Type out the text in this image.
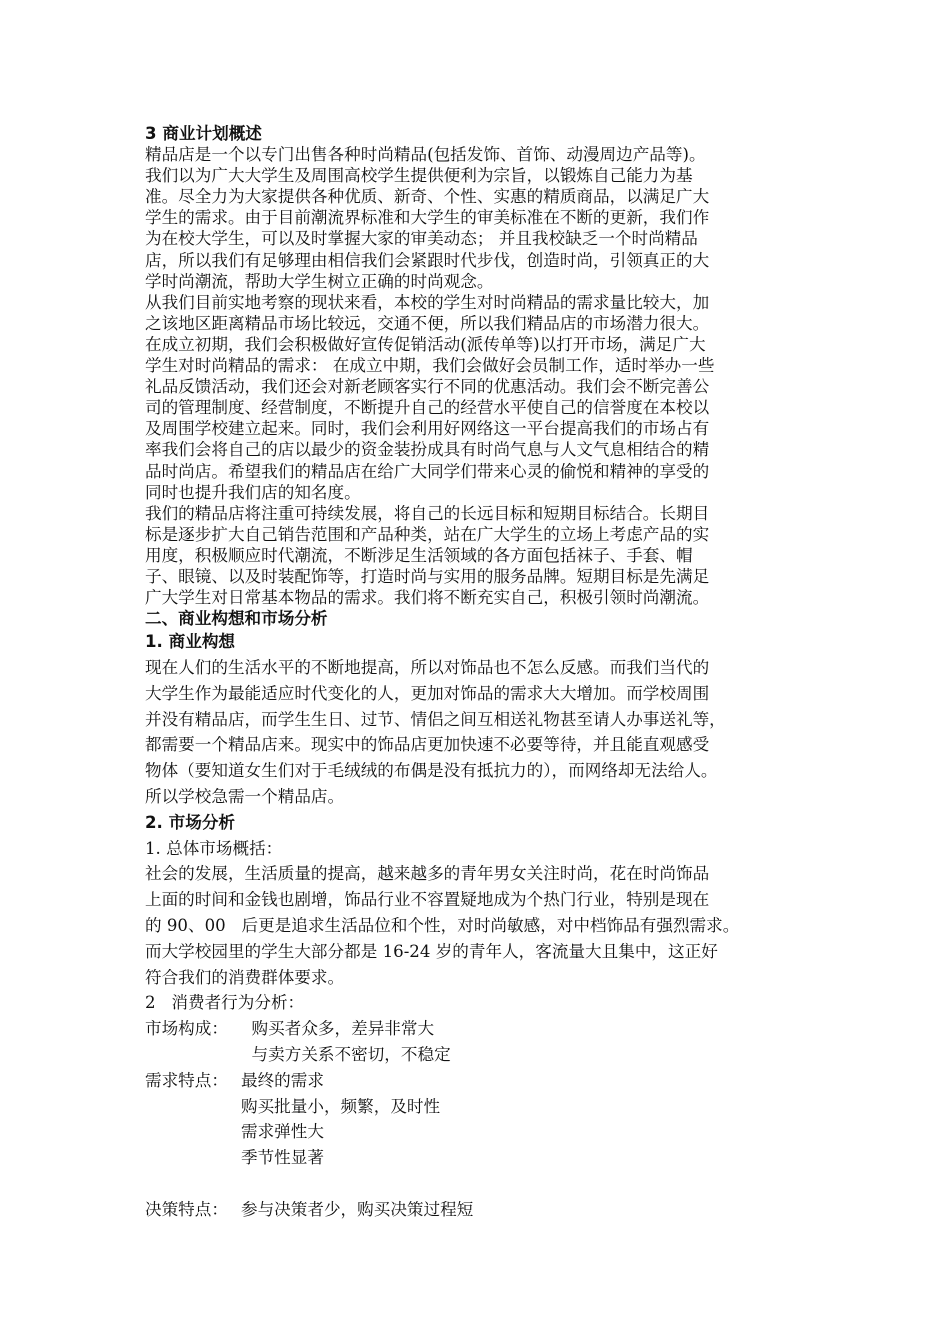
3 商业计划概述

精品店是一个以专门出售各种时尚精品(包括发饰、首饰、动漫周边产品等)。

我们以为广大大学生及周围高校学生提供便利为宗旨，以锻炼自己能力为基

准。尽全力为大家提供各种优质、新奇、个性、实惠的精质商品，以满足广大

学生的需求。由于目前潮流界标准和大学生的审美标准在不断的更新，我们作

为在校大学生，可以及时掌握大家的审美动态； 并且我校缺乏一个时尚精品

店，所以我们有足够理由相信我们会紧跟时代步伐，创造时尚，引领真正的大

学时尚潮流，帮助大学生树立正确的时尚观念。

从我们目前实地考察的现状来看，本校的学生对时尚精品的需求量比较大，加

之该地区距离精品市场比较远，交通不便，所以我们精品店的市场潜力很大。

在成立初期，我们会积极做好宣传促销活动(派传单等)以打开市场，满足广大

学生对时尚精品的需求： 在成立中期，我们会做好会员制工作，适时举办一些

礼品反馈活动，我们还会对新老顾客实行不同的优惠活动。我们会不断完善公

司的管理制度、经营制度，不断提升自己的经营水平使自己的信誉度在本校以

及周围学校建立起来。同时，我们会利用好网络这一平台提高我们的市场占有

率我们会将自己的店以最少的资金装扮成具有时尚气息与人文气息相结合的精

品时尚店。希望我们的精品店在给广大同学们带来心灵的偷悦和精神的享受的

同时也提升我们店的知名度。

我们的精品店将注重可持续发展，将自己的长远目标和短期目标结合。长期目

标是逐步扩大自己销告范围和产品种类，站在广大学生的立场上考虑产品的实

用度，积极顺应时代潮流，不断涉足生活领域的各方面包括袜子、手套、帽

子、眼镜、以及时装配饰等，打造时尚与实用的服务品牌。短期目标是先满足

广大学生对日常基本物品的需求。我们将不断充实自己，积极引领时尚潮流。

二、商业构想和市场分析

1. 商业构想

现在人们的生活水平的不断地提高，所以对饰品也不怎么反感。而我们当代的

大学生作为最能适应时代变化的人，更加对饰品的需求大大增加。而学校周围

并没有精品店，而学生生日、过节、情侣之间互相送礼物甚至请人办事送礼等，

都需要一个精品店来。现实中的饰品店更加快速不必要等待，并且能直观感受

物体（要知道女生们对于毛绒绒的布偶是没有抵抗力的），而网络却无法给人。

所以学校急需一个精品店。

2. 市场分析

1. 总体市场概括：

社会的发展，生活质量的提高，越来越多的青年男女关注时尚，花在时尚饰品

上面的时间和金钱也剧增，饰品行业不容置疑地成为个热门行业，特别是现在

的 90、00   后更是追求生活品位和个性，对时尚敏感，对中档饰品有强烈需求。

而大学校园里的学生大部分都是 16-24 岁的青年人，客流量大且集中，这正好

符合我们的消费群体要求。

2   消费者行为分析：

市场构成： 购买者众多，差异非常大
与卖方关系不密切，不稳定
需求特点： 最终的需求
购买批量小，频繁，及时性
需求弹性大
季节性显著
决策特点： 参与决策者少，购买决策过程短
